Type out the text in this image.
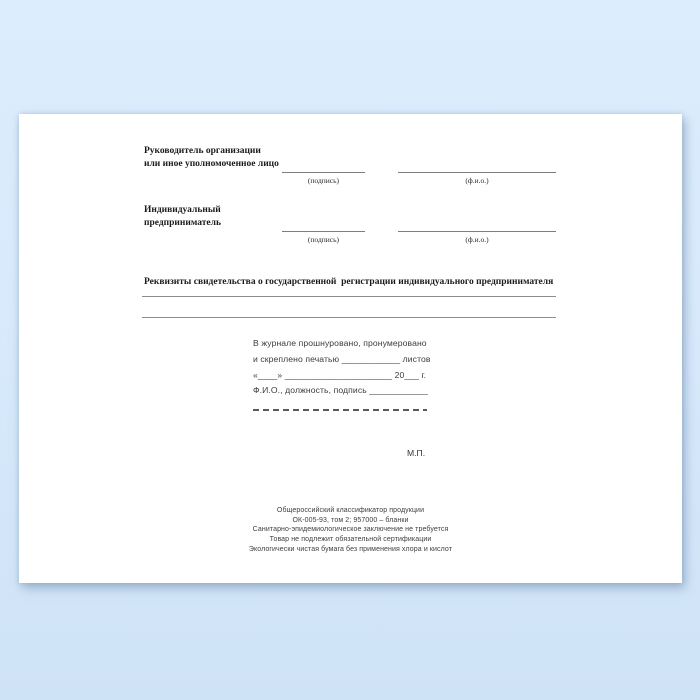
Руководитель организации
или иное уполномоченное лицо
(подпись)	(ф.и.о.)
Индивидуальный
предприниматель
(подпись)	(ф.и.о.)
Реквизиты свидетельства о государственной  регистрации индивидуального предпринимателя
В журнале прошнуровано, пронумеровано
и скреплено печатью ____________ листов
«____» ______________________ 20___ г.
Ф.И.О., должность, подпись ____________
М.П.
Общероссийский классификатор продукции
ОК-005-93, том 2; 957000 – бланки
Санитарно-эпидемиологическое заключение не требуется
Товар не подлежит обязательной сертификации
Экологически чистая бумага без применения хлора и кислот
